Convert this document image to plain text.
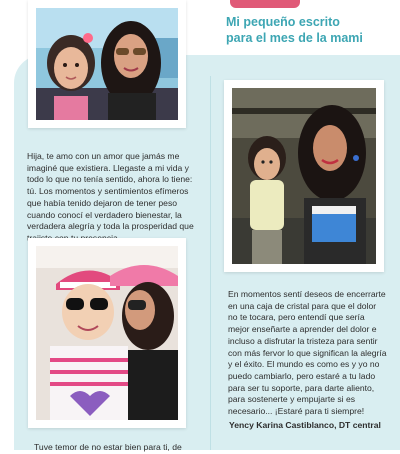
Mi pequeño escrito
para el mes de la mami
Hija, te amo con un amor que jamás me imaginé que existiera. Llegaste a mi vida y todo lo que no tenía sentido, ahora lo tiene: tú. Los momentos y sentimientos efímeros que había tenido dejaron de tener peso cuando conocí el verdadero bienestar, la verdadera alegría y toda la prosperidad que
En momentos sentí deseos de encerrarte en una caja de cristal para que el dolor no te tocara, pero entendí que sería mejor enseñarte a aprender del dolor e incluso a disfrutar la tristeza para sentir con más fervor lo que significan la alegría y el éxito. El mundo es como es y yo no puedo cambiarlo, pero estaré a tu lado para ser tu soporte, para darte aliento, para sostenerte y empujarte si es necesario... ¡Estaré para ti siempre!
Yency Karina Castiblanco, DT central
Tuve temor de no estar bien para ti, de
